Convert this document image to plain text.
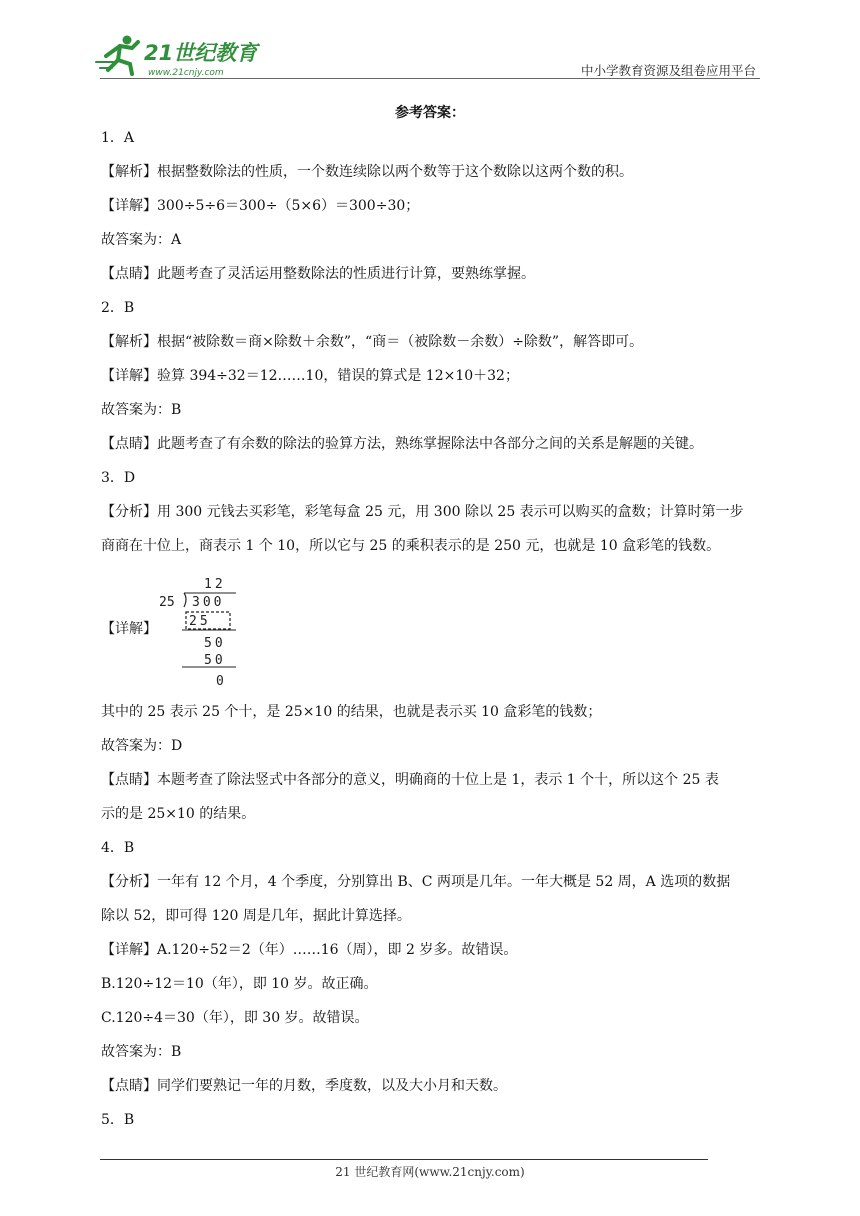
21世纪教育
www.21cnjy.com	中小学教育资源及组卷应用平台
参考答案：
1．A
【解析】根据整数除法的性质，一个数连续除以两个数等于这个数除以这两个数的积。
【详解】300÷5÷6＝300÷（5×6）＝300÷30；
故答案为：A
【点睛】此题考查了灵活运用整数除法的性质进行计算，要熟练掌握。
2．B
【解析】根据“被除数＝商×除数＋余数”，“商＝（被除数－余数）÷除数”，解答即可。
【详解】验算 394÷32＝12……10，错误的算式是 12×10＋32；
故答案为：B
【点睛】此题考查了有余数的除法的验算方法，熟练掌握除法中各部分之间的关系是解题的关键。
3．D
【分析】用 300 元钱去买彩笔，彩笔每盒 25 元，用 300 除以 25 表示可以购买的盒数；计算时第一步
商商在十位上，商表示 1 个 10，所以它与 25 的乘积表示的是 250 元，也就是 10 盒彩笔的钱数。
【详解】
12
25 300
25
50
50
0
其中的 25 表示 25 个十，是 25×10 的结果，也就是表示买 10 盒彩笔的钱数；
故答案为：D
【点睛】本题考查了除法竖式中各部分的意义，明确商的十位上是 1，表示 1 个十，所以这个 25 表
示的是 25×10 的结果。
4．B
【分析】一年有 12 个月，4 个季度，分别算出 B、C 两项是几年。一年大概是 52 周，A 选项的数据
除以 52，即可得 120 周是几年，据此计算选择。
【详解】A.120÷52＝2（年）……16（周），即 2 岁多。故错误。
B.120÷12＝10（年），即 10 岁。故正确。
C.120÷4＝30（年），即 30 岁。故错误。
故答案为：B
【点睛】同学们要熟记一年的月数，季度数，以及大小月和天数。
5．B
21 世纪教育网(www.21cnjy.com)
